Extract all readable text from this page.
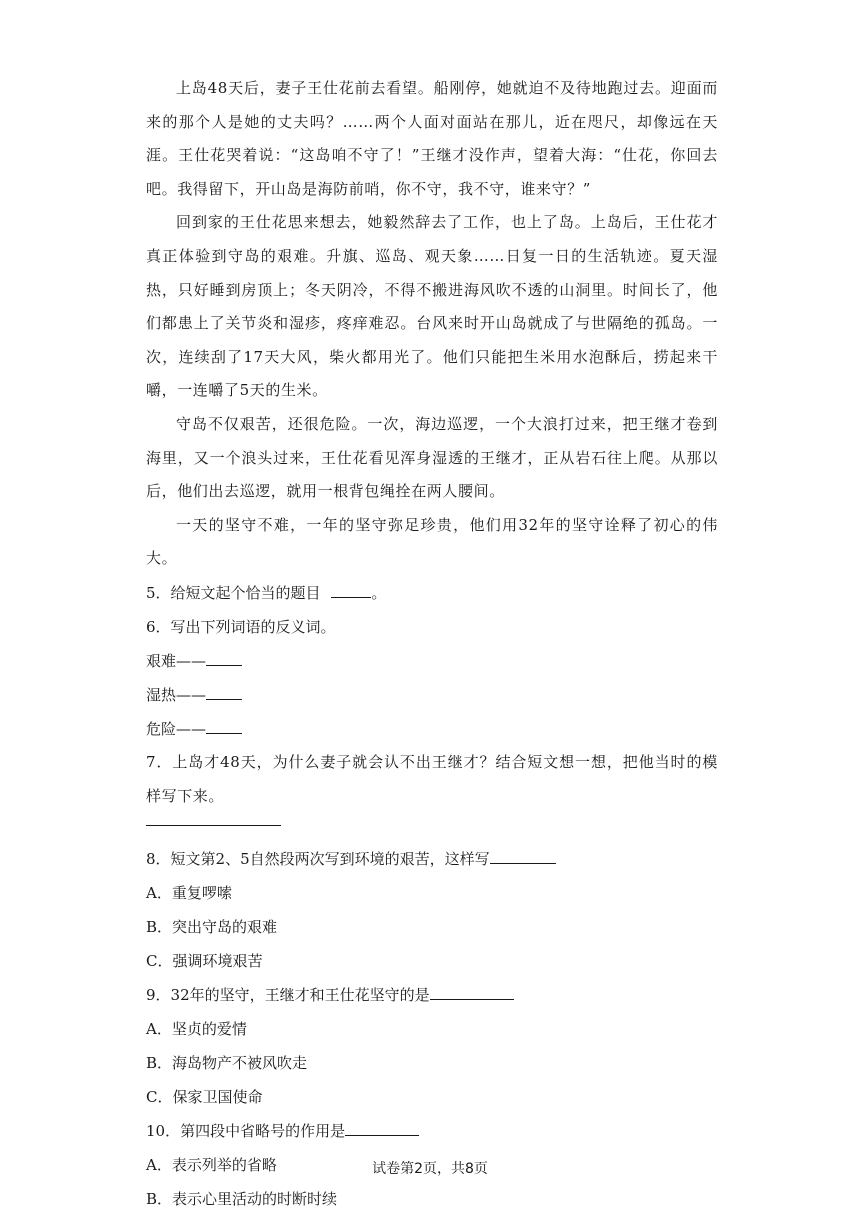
上岛48天后，妻子王仕花前去看望。船刚停，她就迫不及待地跑过去。迎面而来的那个人是她的丈夫吗？……两个人面对面站在那儿，近在咫尺，却像远在天涯。王仕花哭着说：“这岛咱不守了！”王继才没作声，望着大海：“仕花，你回去吧。我得留下，开山岛是海防前哨，你不守，我不守，谁来守？”

回到家的王仕花思来想去，她毅然辞去了工作，也上了岛。上岛后，王仕花才真正体验到守岛的艰难。升旗、巡岛、观天象……日复一日的生活轨迹。夏天湿热，只好睡到房顶上；冬天阴冷，不得不搬进海风吹不透的山洞里。时间长了，他们都患上了关节炎和湿疹，疼痒难忍。台风来时开山岛就成了与世隔绝的孤岛。一次，连续刮了17天大风，柴火都用光了。他们只能把生米用水泡酥后，捞起来干嚼，一连嚼了5天的生米。

守岛不仅艰苦，还很危险。一次，海边巡逻，一个大浪打过来，把王继才卷到海里，又一个浪头过来，王仕花看见浑身湿透的王继才，正从岩石往上爬。从那以后，他们出去巡逻，就用一根背包绳拴在两人腰间。

一天的坚守不难，一年的坚守弥足珍贵，他们用32年的坚守诠释了初心的伟大。

5．给短文起个恰当的题目	。

6．写出下列词语的反义词。

艰难——

湿热——

危险——

7．上岛才48天，为什么妻子就会认不出王继才？结合短文想一想，把他当时的模样写下来。

8．短文第2、5自然段两次写到环境的艰苦，这样写

A．重复啰嗦

B．突出守岛的艰难

C．强调环境艰苦

9．32年的坚守，王继才和王仕花坚守的是

A．坚贞的爱情

B．海岛物产不被风吹走

C．保家卫国使命

10．第四段中省略号的作用是

A．表示列举的省略

B．表示心里活动的时断时续

试卷第2页，共8页
